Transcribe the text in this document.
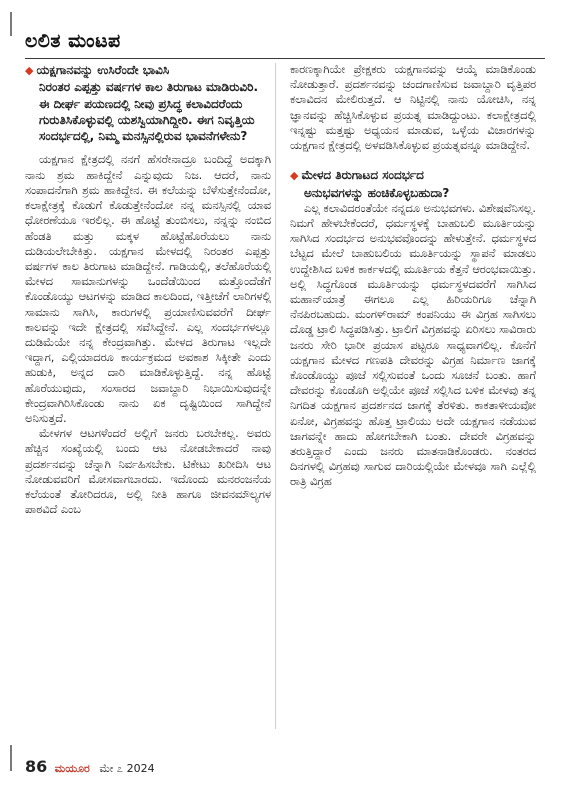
ಲಲಿತ ಮಂಟಪ

◆ ಯಕ್ಷಗಾನವನ್ನು ಉಸಿರೆಂದೇ ಭಾವಿಸಿ
ನಿರಂತರ ಎಪ್ಪತ್ತು ವರ್ಷಗಳ ಕಾಲ ತಿರುಗಾಟ ಮಾಡಿರುವಿರಿ. ಈ ದೀರ್ಘ ಪಯಣದಲ್ಲಿ ನೀವು ಪ್ರಸಿದ್ಧ ಕಲಾವಿದರೆಂದು ಗುರುತಿಸಿಕೊಳ್ಳುವಲ್ಲಿ ಯಶಸ್ವಿಯಾಗಿದ್ದೀರಿ. ಈಗ ನಿವೃತ್ತಿಯ ಸಂದರ್ಭದಲ್ಲಿ, ನಿಮ್ಮ ಮನಸ್ಸಿನಲ್ಲಿರುವ ಭಾವನೆಗಳೇನು?

ಯಕ್ಷಗಾನ ಕ್ಷೇತ್ರದಲ್ಲಿ ನನಗೆ ಹೆಸರೇನಾದ್ರೂ ಬಂದಿದ್ದೆ ಅದಕ್ಕಾಗಿ ನಾನು ಶ್ರಮ ಹಾಕಿದ್ದೇನೆ ಎನ್ನುವುದು ನಿಜ. ಆದರೆ, ನಾನು ಸಂಪಾದನೆಗಾಗಿ ಶ್ರಮ ಹಾಕಿದ್ದೇನ. ಈ ಕಲೆಯನ್ನು ಬೆಳೆಸುತ್ತೇನೆಂದೋ, ಕಲಾಕ್ಷೇತ್ರಕ್ಕೆ ಕೊಡುಗೆ ಕೊಡುತ್ತೇನೆಂದೋ ನನ್ನ ಮನಸ್ಸಿನಲ್ಲಿ ಯಾವ ಧೋರಣೆಯೂ ಇರಲಿಲ್ಲ. ಈ ಹೊಟ್ಟೆ ತುಂಬಿಸಲು, ನನ್ನನ್ನು ನಂಬಿದ ಹೆಂಡತಿ ಮತ್ತು ಮಕ್ಕಳ ಹೊಟ್ಟೆಹೊರೆಯಲು ನಾನು ದುಡಿಯಲೇಬೇಕಿತ್ತು. ಯಕ್ಷಗಾನ ಮೇಳದಲ್ಲಿ ನಿರಂತರ ಎಪ್ಪತ್ತು ವರ್ಷಗಳ ಕಾಲ ತಿರುಗಾಟ ಮಾಡಿದ್ದೇನೆ. ಗಾಡಿಯಲ್ಲಿ, ತಲೆಹೊರೆಯಲ್ಲಿ ಮೇಳದ ಸಾಮಾನುಗಳನ್ನು ಒಂದೆಡೆಯಿಂದ ಮತ್ತೊಂದೆಡೆಗೆ ಕೊಂಡೊಯ್ಯು ಆಟಗಳನ್ನು ಮಾಡಿದ ಕಾಲದಿಂದ, ಇತ್ತೀಚೆಗೆ ಲಾರಿಗಳಲ್ಲಿ ಸಾಮಾನು ಸಾಗಿಸಿ, ಕಾರುಗಳಲ್ಲಿ ಪ್ರಯಾಣಿಸುವವರೆಗೆ ದೀರ್ಘ ಕಾಲವನ್ನು ಇದೇ ಕ್ಷೇತ್ರದಲ್ಲಿ ಸವೆಸಿದ್ದೇನೆ. ಎಲ್ಲ ಸಂದರ್ಭಗಳಲ್ಲೂ ದುಡಿಮೆಯೇ ನನ್ನ ಕೇಂದ್ರವಾಗಿತ್ತು. ಮೇಳದ ತಿರುಗಾಟ ಇಲ್ಲದೇ ಇದ್ದಾಗ, ಎಲ್ಲಿಯಾದರೂ ಕಾರ್ಯಕ್ರಮದ ಅವಕಾಶ ಸಿಕ್ಕೀತೇ ಎಂದು ಹುಡುಕಿ, ಅನ್ನದ ದಾರಿ ಮಾಡಿಕೊಳ್ಳುತ್ತಿದ್ದೆ. ನನ್ನ ಹೊಟ್ಟೆ ಹೊರೆಯುವುದು, ಸಂಸಾರದ ಜವಾಬ್ದಾರಿ ನಿಭಾಯಿಸುವುದನ್ನೇ ಕೇಂದ್ರವಾಗಿರಿಸಿಕೊಂಡು ನಾನು ಏಕ ದೃಷ್ಟಿಯಿಂದ ಸಾಗಿದ್ದೇನೆ ಅನಿಸುತ್ತದೆ.

ಮೇಳಗಳ ಆಟಗಳೆಂದರೆ ಅಲ್ಲಿಗೆ ಜನರು ಬರಬೇಕಲ್ಲ. ಅವರು ಹೆಚ್ಚಿನ ಸಂಖ್ಯೆಯಲ್ಲಿ ಬಂದು ಆಟ ನೋಡಬೇಕಾದರೆ ನಾವು ಪ್ರದರ್ಶನವನ್ನು ಚೆನ್ನಾಗಿ ನಿರ್ವಹಿಸಬೇಕು. ಟಿಕೇಟು ಖರೀದಿಸಿ ಆಟ ನೋಡುವವರಿಗೆ ಮೋಸವಾಗಬಾರದು. ಇದೊಂದು ಮನರಂಜನೆಯ ಕಲೆಯಂತೆ ತೋರಿದರೂ, ಅಲ್ಲಿ ನೀತಿ ಹಾಗೂ ಜೀವನಮೌಲ್ಯಗಳ ಪಾಠವಿದೆ ಎಂಬ

ಕಾರಣಕ್ಕಾಗಿಯೇ ಪ್ರೇಕ್ಷಕರು ಯಕ್ಷಗಾನವನ್ನು ಆಯ್ಕೆ ಮಾಡಿಕೊಂಡು ನೋಡುತ್ತಾರೆ. ಪ್ರದರ್ಶನವನ್ನು ಚಂದಗಾಣಿಸುವ ಜವಾಬ್ದಾರಿ ವೃತ್ತಿಪರ ಕಲಾವಿದನ ಮೇಲಿರುತ್ತದೆ. ಆ ನಿಟ್ಟಿನಲ್ಲಿ ನಾನು ಯೋಚಿಸಿ, ನನ್ನ ಜ್ಞಾನವನ್ನು ಹೆಚ್ಚಿಸಿಕೊಳ್ಳುವ ಪ್ರಯತ್ನ ಮಾಡಿದ್ದುಂಟು. ಕಲಾಕ್ಷೇತ್ರದಲ್ಲಿ ಇನ್ನಷ್ಟು ಮತ್ತಷ್ಟು ಅಧ್ಯಯನ ಮಾಡುವ, ಒಳ್ಳೆಯ ವಿಚಾರಗಳನ್ನು ಯಕ್ಷಗಾನ ಕ್ಷೇತ್ರದಲ್ಲಿ ಅಳವಡಿಸಿಕೊಳ್ಳುವ ಪ್ರಯತ್ನವನ್ನೂ ಮಾಡಿದ್ದೇನೆ.

◆ ಮೇಳದ ತಿರುಗಾಟದ ಸಂದರ್ಭದ
ಅನುಭವಗಳನ್ನು ಹಂಚಿಕೊಳ್ಳಬಹುದಾ?

ಎಲ್ಲ ಕಲಾವಿದರಂತೆಯೇ ನನ್ನದೂ ಅನುಭವಗಳು. ವಿಶೇಷವೆನಿಸಲ್ಲ. ನಿಮಗೆ ಹೇಳಬೇಕೆಂದರೆ, ಧರ್ಮಸ್ಥಳಕ್ಕೆ ಬಾಹುಬಲಿ ಮೂರ್ತಿಯನ್ನು ಸಾಗಿಸಿದ ಸಂದರ್ಭದ ಅನುಭವವೊಂದನ್ನು ಹೇಳುತ್ತೇನೆ. ಧರ್ಮಸ್ಥಳದ ಬೆಟ್ಟದ ಮೇಲೆ ಬಾಹುಬಲಿಯ ಮೂರ್ತಿಯನ್ನು ಸ್ಥಾಪನೆ ಮಾಡಲು ಉದ್ದೇಶಿಸಿದ ಬಳಿಕ ಕಾರ್ಕಳದಲ್ಲಿ ಮೂರ್ತಿಯ ಕೆತ್ತನೆ ಆರಂಭವಾಯಿತ್ತು. ಅಲ್ಲಿ ಸಿದ್ಧಗೊಂಡ ಮೂರ್ತಿಯನ್ನು ಧರ್ಮಸ್ಥಳದವರೆಗೆ ಸಾಗಿಸಿದ ಮಹಾನ್‌ಯಾತ್ರೆ ಈಗಲೂ ಎಲ್ಲ ಹಿರಿಯರಿಗೂ ಚೆನ್ನಾಗಿ ನೆನಪಿರಬಹುದು. ಮಂಗಳ್‌ರಾಮ್ ಕಂಪನಿಯು ಈ ವಿಗ್ರಹ ಸಾಗಿಸಲು ದೊಡ್ಡ ಟ್ರಾಲಿ ಸಿದ್ಧಪಡಿಸಿತ್ತು. ಟ್ರಾಲಿಗೆ ವಿಗ್ರಹವನ್ನು ಏರಿಸಲು ಸಾವಿರಾರು ಜನರು ಸೇರಿ ಭಾರೀ ಪ್ರಯಾಸ ಪಟ್ಟರೂ ಸಾಧ್ಯವಾಗಲಿಲ್ಲ. ಕೊನೆಗೆ ಯಕ್ಷಗಾನ ಮೇಳದ ಗಣಪತಿ ದೇವರನ್ನು ವಿಗ್ರಹ ನಿರ್ಮಾಣ ಜಾಗಕ್ಕೆ ಕೊಂಡೊಯ್ದು ಪೂಜೆ ಸಲ್ಲಿಸುವಂತೆ ಒಂದು ಸೂಚನೆ ಬಂತು. ಹಾಗೆ ದೇವರನ್ನು ಕೊಂಡೊಗಿ ಅಲ್ಲಿಯೇ ಪೂಜೆ ಸಲ್ಲಿಸಿದ ಬಳಿಕ ಮೇಳವು ತನ್ನ ನಿಗದಿತ ಯಕ್ಷಗಾನ ಪ್ರದರ್ಶನದ ಜಾಗಕ್ಕೆ ತೆರಳಿತು. ಕಾಕತಾಳೀಯವೋ ಏನೋ, ವಿಗ್ರಹವನ್ನು ಹೊತ್ತ ಟ್ರಾಲಿಯು ಅದೇ ಯಕ್ಷಗಾನ ನಡೆಯುವ ಜಾಗವನ್ನೇ ಹಾದು ಹೋಗಬೇಕಾಗಿ ಬಂತು. ದೇವರೇ ವಿಗ್ರಹವನ್ನು ತರುತ್ತಿದ್ದಾರೆ ಎಂದು ಜನರು ಮಾತನಾಡಿಕೊಂಡರು. ನಂತರದ ದಿನಗಳಲ್ಲಿ ವಿಗ್ರಹವು ಸಾಗುವ ದಾರಿಯಲ್ಲಿಯೇ ಮೇಳವೂ ಸಾಗಿ ಎಲ್ಲೆಲ್ಲಿ ರಾತ್ರಿ ವಿಗ್ರಹ

86 ಮಯೂರ ಮೇ ೭ 2024
